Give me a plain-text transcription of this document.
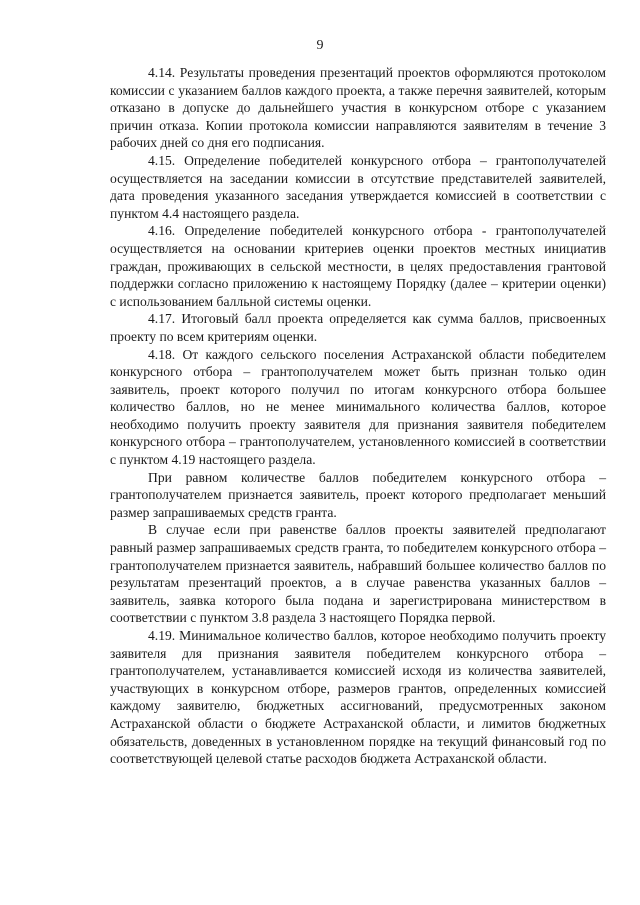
9

4.14. Результаты проведения презентаций проектов оформляются протоколом комиссии с указанием баллов каждого проекта, а также перечня заявителей, которым отказано в допуске до дальнейшего участия в конкурсном отборе с указанием причин отказа. Копии протокола комиссии направляются заявителям в течение 3 рабочих дней со дня его подписания.

4.15. Определение победителей конкурсного отбора – грантополучателей осуществляется на заседании комиссии в отсутствие представителей заявителей, дата проведения указанного заседания утверждается комиссией в соответствии с пунктом 4.4 настоящего раздела.

4.16. Определение победителей конкурсного отбора - грантополучателей осуществляется на основании критериев оценки проектов местных инициатив граждан, проживающих в сельской местности, в целях предоставления грантовой поддержки согласно приложению к настоящему Порядку (далее – критерии оценки) с использованием балльной системы оценки.

4.17. Итоговый балл проекта определяется как сумма баллов, присвоенных проекту по всем критериям оценки.

4.18. От каждого сельского поселения Астраханской области победителем конкурсного отбора – грантополучателем может быть признан только один заявитель, проект которого получил по итогам конкурсного отбора большее количество баллов, но не менее минимального количества баллов, которое необходимо получить проекту заявителя для признания заявителя победителем конкурсного отбора – грантополучателем, установленного комиссией в соответствии с пунктом 4.19 настоящего раздела.

При равном количестве баллов победителем конкурсного отбора – грантополучателем признается заявитель, проект которого предполагает меньший размер запрашиваемых средств гранта.

В случае если при равенстве баллов проекты заявителей предполагают равный размер запрашиваемых средств гранта, то победителем конкурсного отбора – грантополучателем признается заявитель, набравший большее количество баллов по результатам презентаций проектов, а в случае равенства указанных баллов – заявитель, заявка которого была подана и зарегистрирована министерством в соответствии с пунктом 3.8 раздела 3 настоящего Порядка первой.

4.19. Минимальное количество баллов, которое необходимо получить проекту заявителя для признания заявителя победителем конкурсного отбора – грантополучателем, устанавливается комиссией исходя из количества заявителей, участвующих в конкурсном отборе, размеров грантов, определенных комиссией каждому заявителю, бюджетных ассигнований, предусмотренных законом Астраханской области о бюджете Астраханской области, и лимитов бюджетных обязательств, доведенных в установленном порядке на текущий финансовый год по соответствующей целевой статье расходов бюджета Астраханской области.
